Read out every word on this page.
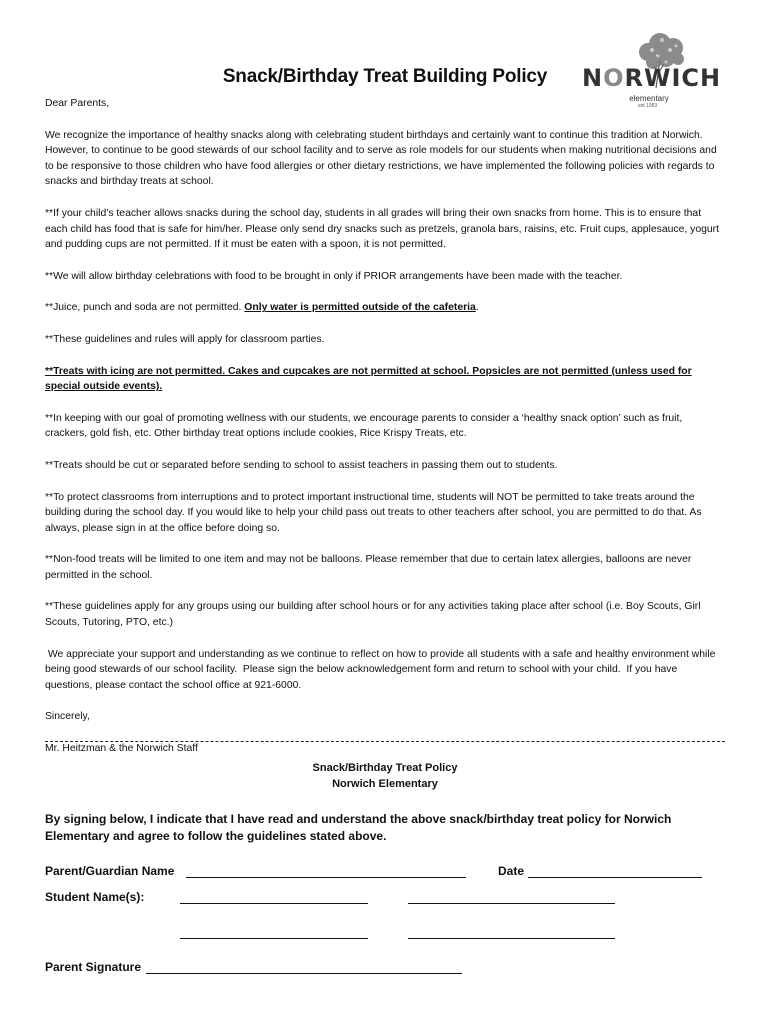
Snack/Birthday Treat Building Policy	NORWICH
elementary
est 1953

Dear Parents,

We recognize the importance of healthy snacks along with celebrating student birthdays and certainly want to continue this tradition at Norwich. However, to continue to be good stewards of our school facility and to serve as role models for our students when making nutritional decisions and to be responsive to those children who have food allergies or other dietary restrictions, we have implemented the following policies with regards to snacks and birthday treats at school.

**If your child’s teacher allows snacks during the school day, students in all grades will bring their own snacks from home. This is to ensure that each child has food that is safe for him/her. Please only send dry snacks such as pretzels, granola bars, raisins, etc. Fruit cups, applesauce, yogurt and pudding cups are not permitted. If it must be eaten with a spoon, it is not permitted.

**We will allow birthday celebrations with food to be brought in only if PRIOR arrangements have been made with the teacher.

**Juice, punch and soda are not permitted. Only water is permitted outside of the cafeteria.

**These guidelines and rules will apply for classroom parties.

**Treats with icing are not permitted. Cakes and cupcakes are not permitted at school. Popsicles are not permitted (unless used for special outside events).

**In keeping with our goal of promoting wellness with our students, we encourage parents to consider a ‘healthy snack option’ such as fruit, crackers, gold fish, etc. Other birthday treat options include cookies, Rice Krispy Treats, etc.

**Treats should be cut or separated before sending to school to assist teachers in passing them out to students.

**To protect classrooms from interruptions and to protect important instructional time, students will NOT be permitted to take treats around the building during the school day. If you would like to help your child pass out treats to other teachers after school, you are permitted to do that. As always, please sign in at the office before doing so.

**Non-food treats will be limited to one item and may not be balloons. Please remember that due to certain latex allergies, balloons are never permitted in the school.

**These guidelines apply for any groups using our building after school hours or for any activities taking place after school (i.e. Boy Scouts, Girl Scouts, Tutoring, PTO, etc.)

We appreciate your support and understanding as we continue to reflect on how to provide all students with a safe and healthy environment while being good stewards of our school facility.  Please sign the below acknowledgement form and return to school with your child.  If you have questions, please contact the school office at 921-6000.

Sincerely,

Mr. Heitzman & the Norwich Staff

Snack/Birthday Treat Policy
Norwich Elementary
By signing below, I indicate that I have read and understand the above snack/birthday treat policy for Norwich Elementary and agree to follow the guidelines stated above.
Parent/Guardian Name	Date
Student Name(s):
Parent Signature
